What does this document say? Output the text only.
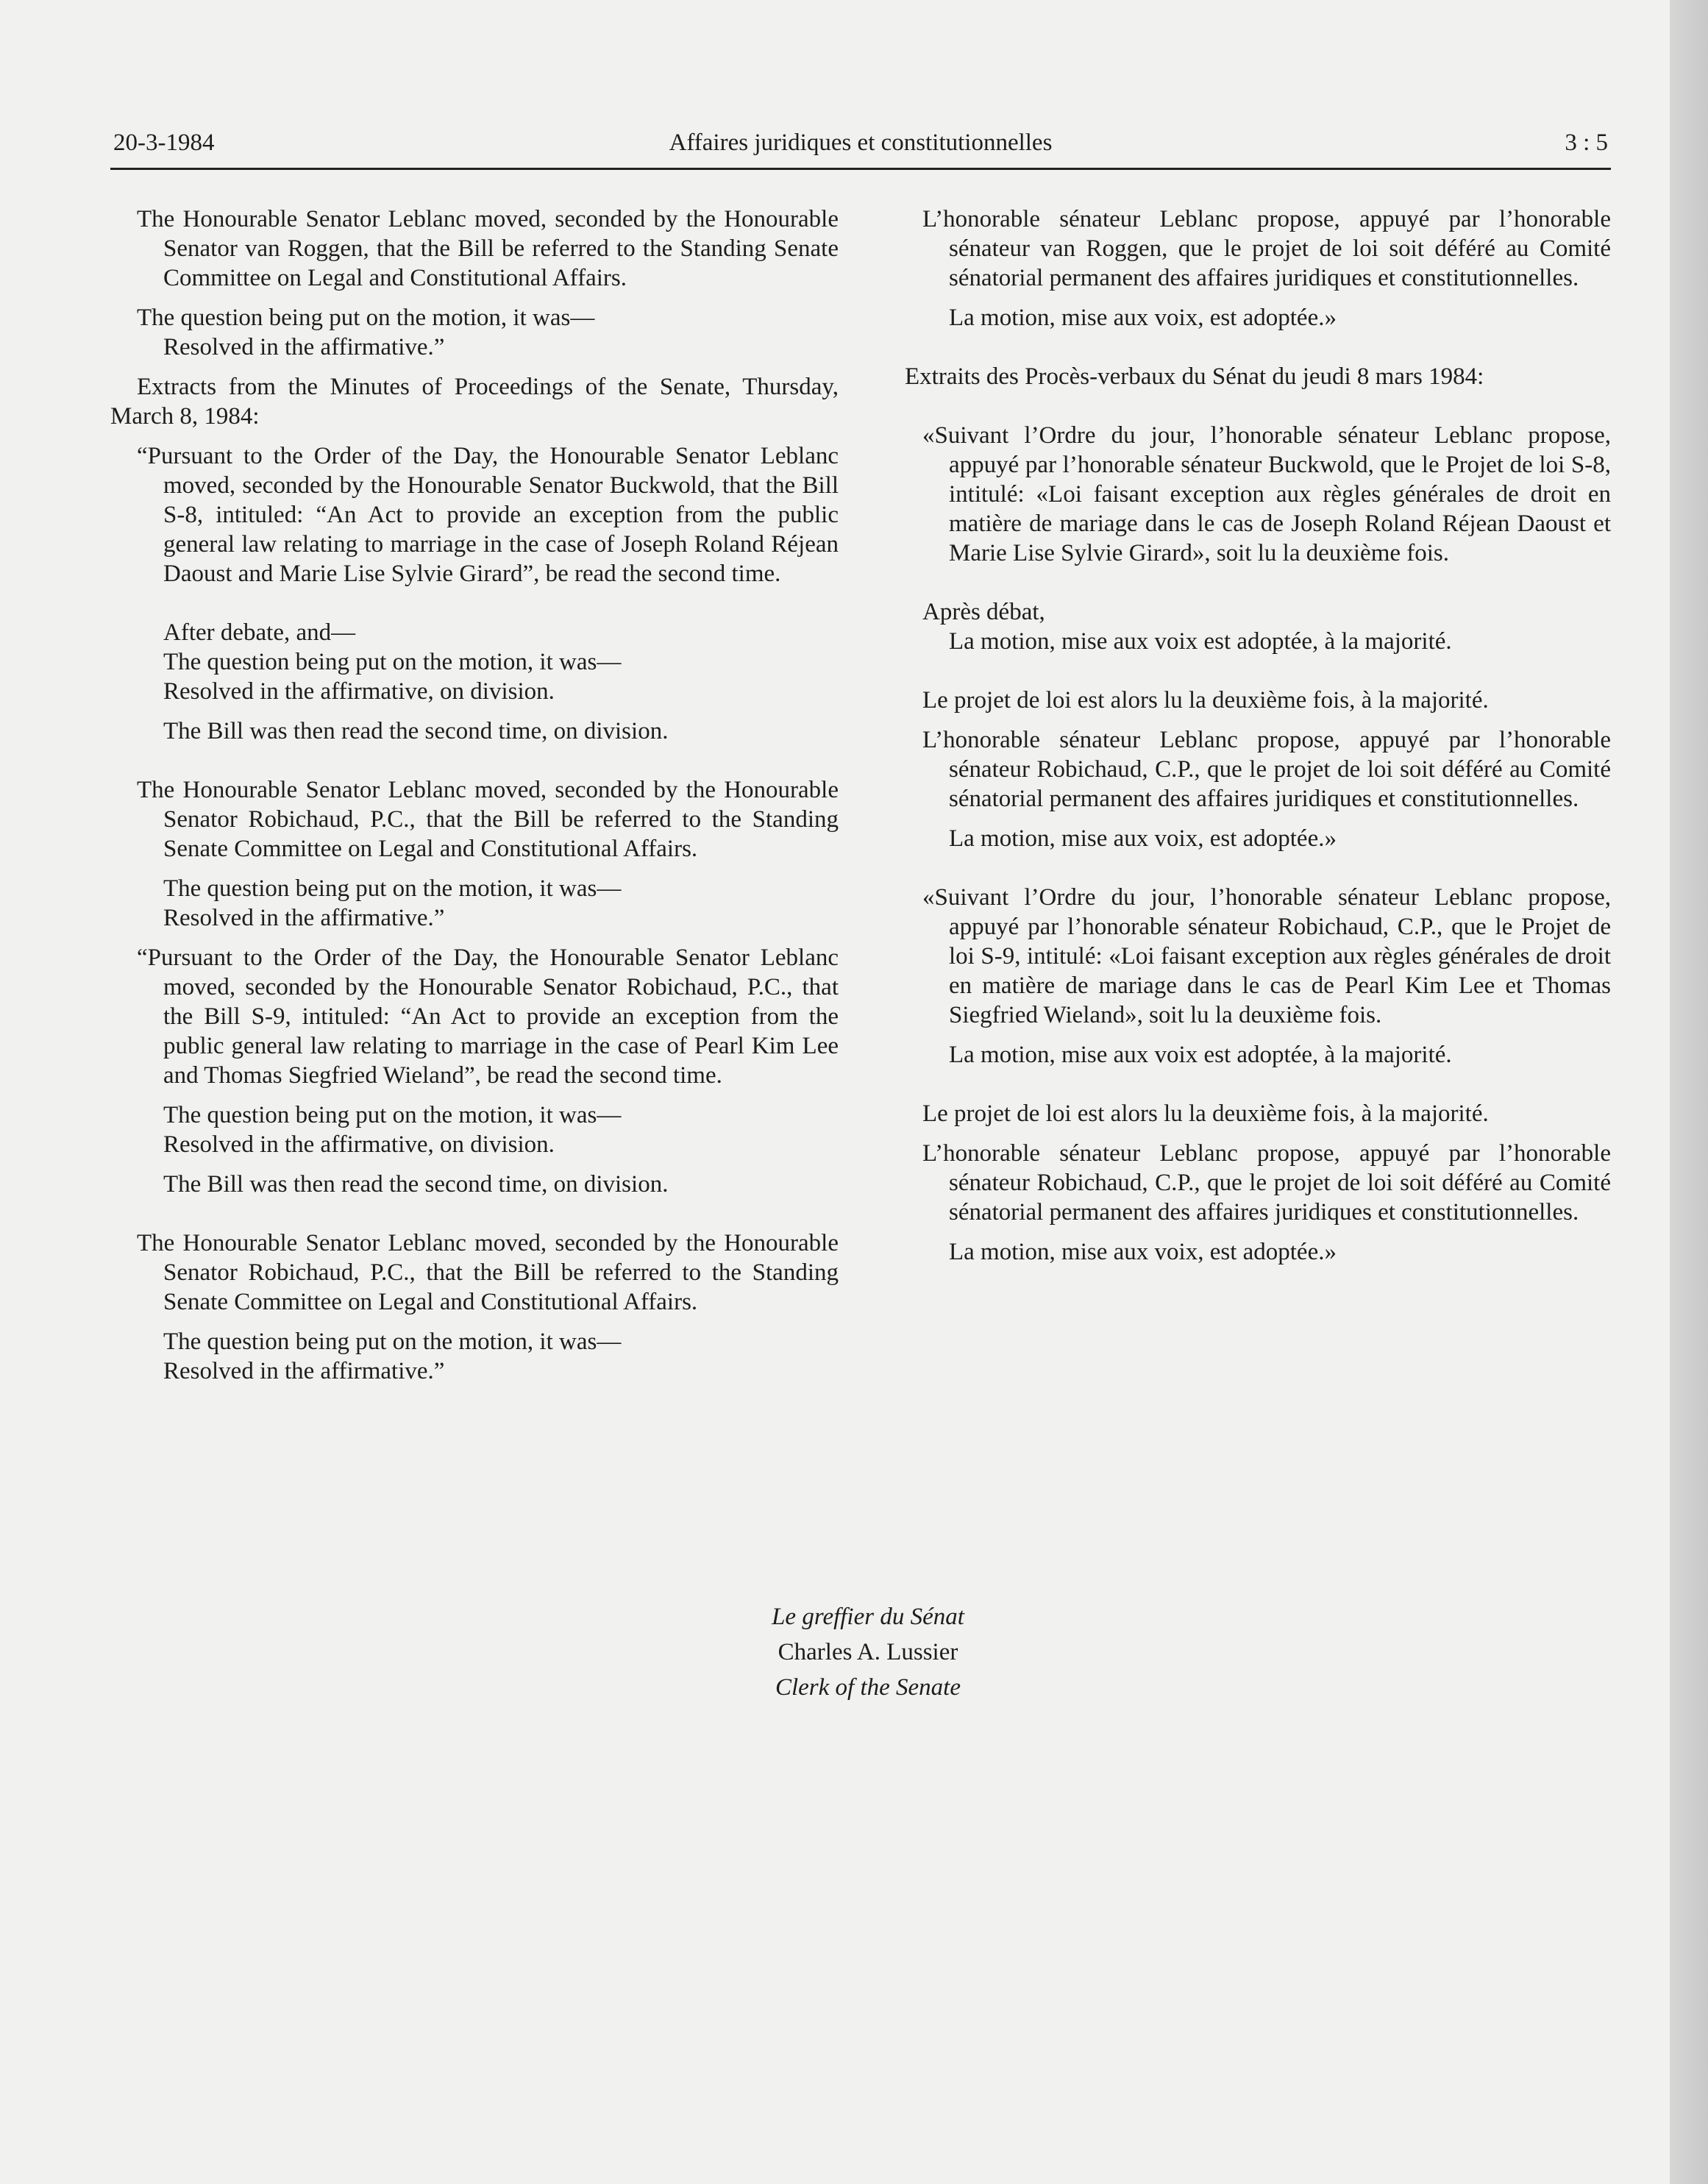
20-3-1984	Affaires juridiques et constitutionnelles	3 : 5

The Honourable Senator Leblanc moved, seconded by the Honourable Senator van Roggen, that the Bill be referred to the Standing Senate Committee on Legal and Constitutional Affairs.

The question being put on the motion, it was—

Resolved in the affirmative.”

Extracts from the Minutes of Proceedings of the Senate, Thursday, March 8, 1984:

“Pursuant to the Order of the Day, the Honourable Senator Leblanc moved, seconded by the Honourable Senator Buckwold, that the Bill S-8, intituled: “An Act to provide an exception from the public general law relating to marriage in the case of Joseph Roland Réjean Daoust and Marie Lise Sylvie Girard”, be read the second time.

After debate, and—

The question being put on the motion, it was—

Resolved in the affirmative, on division.

The Bill was then read the second time, on division.

The Honourable Senator Leblanc moved, seconded by the Honourable Senator Robichaud, P.C., that the Bill be referred to the Standing Senate Committee on Legal and Constitutional Affairs.

The question being put on the motion, it was—

Resolved in the affirmative.”

“Pursuant to the Order of the Day, the Honourable Senator Leblanc moved, seconded by the Honourable Senator Robichaud, P.C., that the Bill S-9, intituled: “An Act to provide an exception from the public general law relating to marriage in the case of Pearl Kim Lee and Thomas Siegfried Wieland”, be read the second time.

The question being put on the motion, it was—

Resolved in the affirmative, on division.

The Bill was then read the second time, on division.

The Honourable Senator Leblanc moved, seconded by the Honourable Senator Robichaud, P.C., that the Bill be referred to the Standing Senate Committee on Legal and Constitutional Affairs.

The question being put on the motion, it was—

Resolved in the affirmative.”

L’honorable sénateur Leblanc propose, appuyé par l’honorable sénateur van Roggen, que le projet de loi soit déféré au Comité sénatorial permanent des affaires juridiques et constitutionnelles.

La motion, mise aux voix, est adoptée.»

Extraits des Procès-verbaux du Sénat du jeudi 8 mars 1984:

«Suivant l’Ordre du jour, l’honorable sénateur Leblanc propose, appuyé par l’honorable sénateur Buckwold, que le Projet de loi S-8, intitulé: «Loi faisant exception aux règles générales de droit en matière de mariage dans le cas de Joseph Roland Réjean Daoust et Marie Lise Sylvie Girard», soit lu la deuxième fois.

Après débat,

La motion, mise aux voix est adoptée, à la majorité.

Le projet de loi est alors lu la deuxième fois, à la majorité.

L’honorable sénateur Leblanc propose, appuyé par l’honorable sénateur Robichaud, C.P., que le projet de loi soit déféré au Comité sénatorial permanent des affaires juridiques et constitutionnelles.

La motion, mise aux voix, est adoptée.»

«Suivant l’Ordre du jour, l’honorable sénateur Leblanc propose, appuyé par l’honorable sénateur Robichaud, C.P., que le Projet de loi S-9, intitulé: «Loi faisant exception aux règles générales de droit en matière de mariage dans le cas de Pearl Kim Lee et Thomas Siegfried Wieland», soit lu la deuxième fois.

La motion, mise aux voix est adoptée, à la majorité.

Le projet de loi est alors lu la deuxième fois, à la majorité.

L’honorable sénateur Leblanc propose, appuyé par l’honorable sénateur Robichaud, C.P., que le projet de loi soit déféré au Comité sénatorial permanent des affaires juridiques et constitutionnelles.

La motion, mise aux voix, est adoptée.»

Le greffier du Sénat

Charles A. Lussier

Clerk of the Senate
